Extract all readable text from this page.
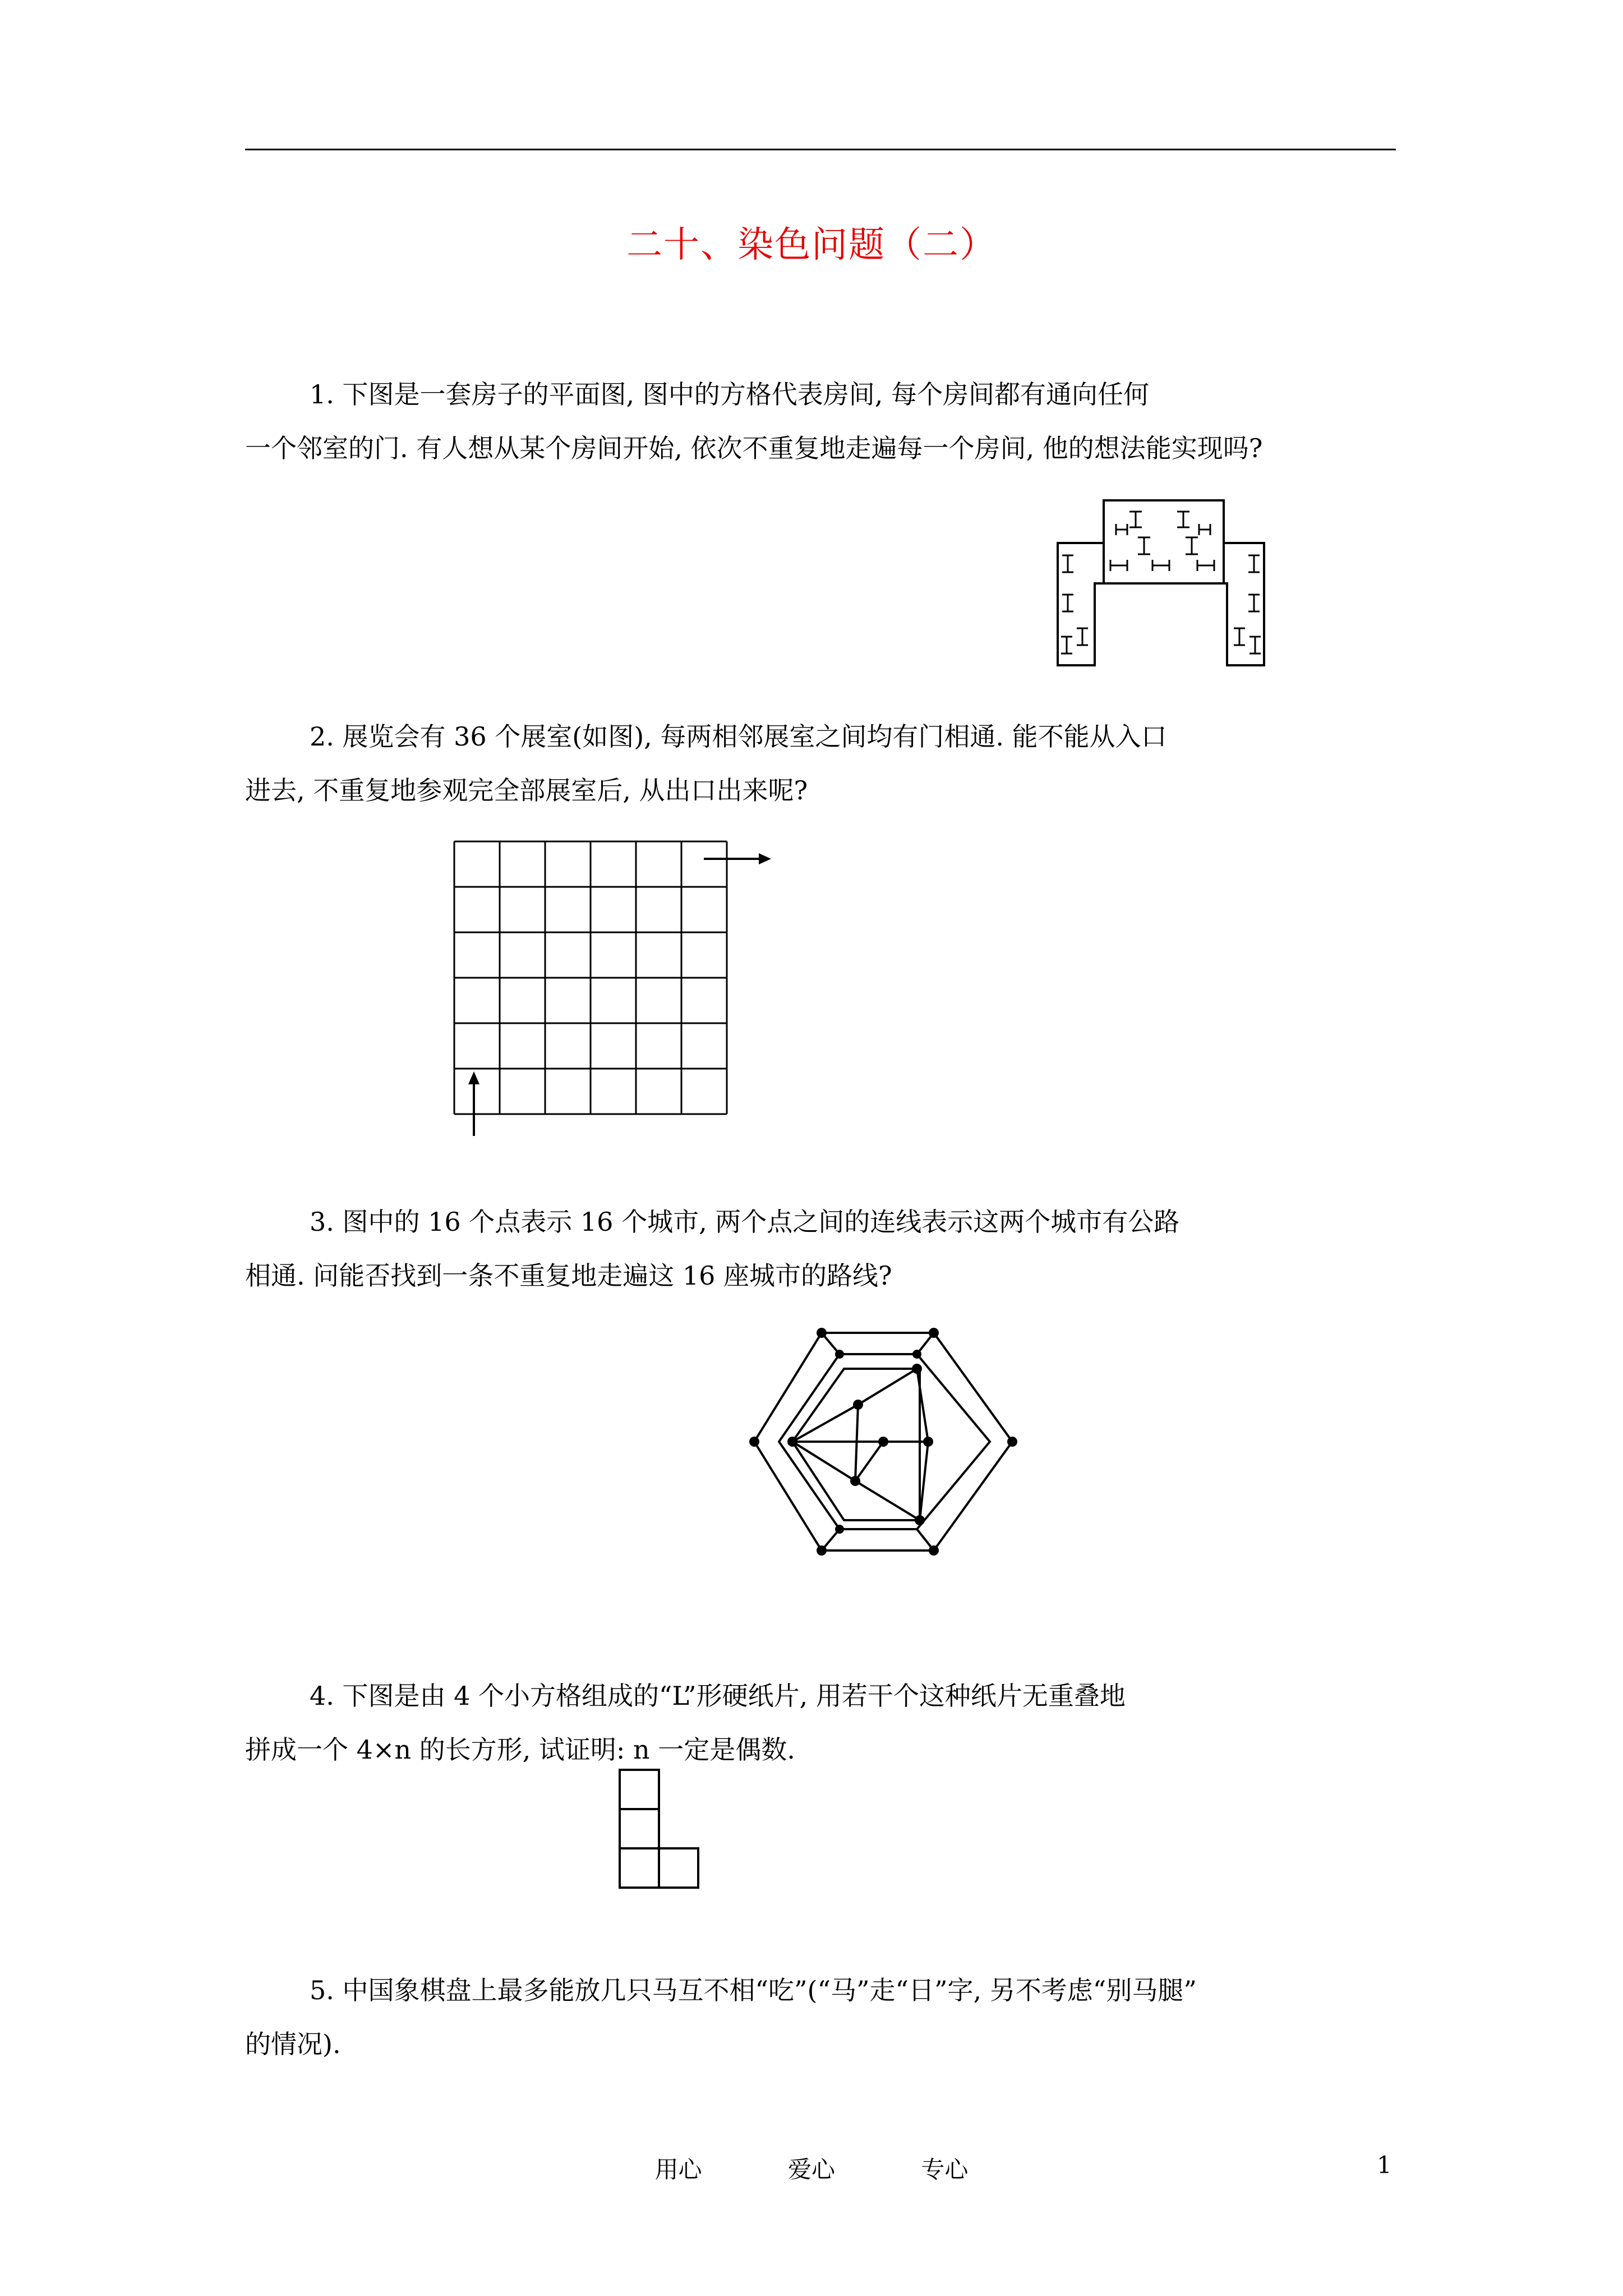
二十、染色问题（二）
1. 下图是一套房子的平面图, 图中的方格代表房间, 每个房间都有通向任何
一个邻室的门. 有人想从某个房间开始, 依次不重复地走遍每一个房间, 他的想法能实现吗?
2. 展览会有 36 个展室(如图), 每两相邻展室之间均有门相通. 能不能从入口
进去, 不重复地参观完全部展室后, 从出口出来呢?
3. 图中的 16 个点表示 16 个城市, 两个点之间的连线表示这两个城市有公路
相通. 问能否找到一条不重复地走遍这 16 座城市的路线?
4. 下图是由 4 个小方格组成的“L”形硬纸片, 用若干个这种纸片无重叠地
拼成一个 4×n 的长方形, 试证明: n 一定是偶数.
5. 中国象棋盘上最多能放几只马互不相“吃”(“马”走“日”字, 另不考虑“别马腿”
的情况).
用心	爱心	专心	1
